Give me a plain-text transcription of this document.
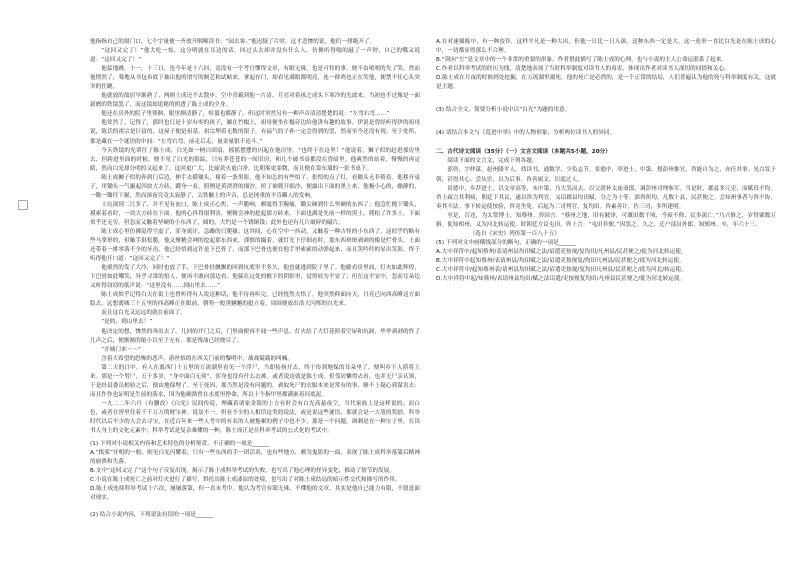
他指指自己的窗门口，七个字量便一齐放开咽喉读书：“园去客。”他迟疑了片时，这才悲惨的说，他们一排跑开了。

“这回又完了！”他大吃一惊，这分明就在耳边的话，回过头去却并没有什么人，仿佛听得嗡的敲了一声钟，自己的嘴又说道：“这回又完了！”

他猛地跳，十一，十三日，连今年是十六回，竟没有一个考官懂得文章，有眼无珠，也是可怜的事，便不由嘻嘻的失了笑。然而他愤然了，蓦地从书包布底下抽出他的谱写的制艺和试帖来，拿起存门，却看见满眼都明亮，连一群鸡也正在笑他，便禁不住心头突突的狂跳。

他就放的故居早渐熟了，两颊士成还不去散步。空中青霸到他一片清，月亮对着孩之成头下寒冷的光波来，当初也不过像是一面新磨的铁镜罢了，而这镜却诡秘的照透了陈士成的全身。

他还在房外的院子里徘徊，眼里颇清静了，喧嚣也都静了。但这时突然另有一种声音清清楚楚的说：“左弯右弯……”

他耸然了，记得了，那时也只是十岁有零的孩子，躺在竹榻上，祖母便坐在榻旁边给他讲有趣的故事。伊说是曾经听得伊的祖母说，陈氏的祖宗是巨富的，这屋子便是祖基，祖宗埋着无数的银子，有福气的子孙一定会得到的罢，然而至今还没有现。至于处所，那是藏在一个谜语的中间：“左弯右弯，前走后走，量金量银不论斗。”

今天铁镜的光罩住了陈士成，白光如一柄白团扇，摇摇摆摆的闪起在他房里。“也终于在这里！”他说着，狮子似的赶进那房里去，但跨进里面的时候，便不见了白光的影踪，只有莽苍苍的一间旧房，和几个破书桌都没在昏暗里。他爽然的站着，慢慢的再定睛，然而白光却分明的又起来了，这回更广大，比硫黄火更白净，比朝雾更霏微，而且便在靠东墙的一张书桌下。

陈士成狮子似的奔到门后边，伸手去摸锄头，撞着一条黑影。他不知怎的有些怕了，张惶的点了灯，看锄头无非倚着。他移开桌子，用锄头一气掘起四块大方砖，蹲身一看，照例是黄澄澄的细沙，揎了袖爬开细沙，便露出下面的黑土来。他极小心的，幽静的，一锄一锄往下掘，然而深夜究竟太寂静了，尖铁触土的声音，总是钝重的不肯瞒人的发响。

土坑深到二尺多了，并不见有瓮口，陈士成正心焦，一声脆响，颇震得手腕痛，锄尖碰到什么坚硬的东西了；他急忙抛下锄头，摸索着看时，一块大方砖在下面。他的心抖得很利害，聚精会神的挖起那方砖来，下面也满是先前一样的黑土，爬松了许多土，下面似乎还无穷。但忽而又触着坚硬的小东西了，圆的，大约是一个锈铜钱；此外也还有几片破碎的磁片。

陈士成心里仿佛觉得空虚了，浑身流汗，急躁的只爬搔；这其间，心在空中一抖动，又触着一种古怪的小东西了，这似乎约略有些马掌形的，但触手很松脆。他又聚精会神的挖起那东西来，谨慎的撮着，就灯光下仔细看时，那东西斑斑剥剥的像是烂骨头，上面还带着一排零落不全的牙齿。他已经悟到这许是下巴骨了，而那下巴骨也便在他手里索索的动弹起来，而且笑吟吟的显出笑影，终于听得他开口道：“这回又完了！”

他栗然的发了大冷，同时也放了手，下巴骨轻飘飘的回到坑底里不多久，他也就逃到院子里了。他偷看房里面，灯火如此辉煌，下巴骨如此嘲笑，异乎寻常的怕人，便再不敢向那边看。他躲在远处的檐下的阴影里，觉得较为平安了；但在这平安中，忽而耳朵边又听得窃窃的低声说：“这里没有……到山里去……”

陈士成似乎记得白天在街上也曾听得有人说这种话，他不待再听完，已经恍然大悟了。他突然仰面向天，月亮已向西高峰这方面隐去，远想离城三十五里的西高峰正在眼前，朝笏一般黑魆魆的挺立着，周围便放出浩大闪烁的白光来。

而且这白光又远远的就在前面了。

“是的，到山里去！”

他决定的想，惨然的奔出去了。几回的开门之后，门里面便再不闻一些声息。灯火结了大灯花照着空屋和坑洞，毕毕剥剥的炸了几声之后，便渐渐的缩小以至于无有，那是残油已经烧尽了。

“开城门来～～”

含着大希望的恐怖的悲声，游丝似的在西关门前的黎明中，战战兢兢的叫喊。

第二天的日中，有人在离西门十五里的万流湖里看见一个浮尸，当即传扬开去，终于传到地保的耳朵里了，便叫乡下人捞将上来。那是一个男尸，五十多岁，“身中面白无须”，浑身也没有什么衣裤。或者说这就是陈士成。但邻居懒得去看，也并无尸亲认领，于是经县委员相验之后，便由地保埋了。至于死因，那当然是没有问题的，剥取死尸的衣服本来是常有的事，够不上疑心到谋害去：而且仵作也证明是生前的落水，因为他确凿曾在水底里挣命，所以十个指甲里都满嵌着河底泥。

一九二二年六月（有删改）《白光》民间传说，理藏着诸家金银的上方有时会有白光高悬夜空，当代家族上是这样说的；而白色，或者在窖里住着千千万万的财宝神。说法不一。但有不少的人相信这类的说法，或是说这些谜语，那就会是一大笔的奖励。科举时代以后不少的人会去寻宝，在近百年来一些人考中的有名的人被拖累的例子中也不少，那是一个问题。讽刺是在一种宝子里，在读书人身上的文化元素中；科举考试是复杂难懂的一种，陈士成正是在科举考试的公式化的考试中。

(1) 下列对小说相关内容和艺术特色的分析鉴赏，不正确的一项是______

A.“拨雾”开明的一般，则见白光闪耀着，只有一些东西的手一团活着，也有些地方，颇为鬼影的一面，表现了陈士成科举落第后精神的崩溃和失落。

B.文中“这回又完了”这个句子反复出现，揭示了陈士成科举考试的失败，也写出了他心理的怪异变化，推动了情节的发展。

C.小说在陈士成死亡之前对灯火进行了描写，烘托出陈士成凄凉的处境，也写出了对陈士成结局的暗示性交代和描写的作用。

D.陈士成连续科举考试十六次，屡屡落第，但一直未考中。他认为考官有眼无珠，不懂他的文章，其实是他自己能力有限，不愿意面对现实。

(2) 结合小说内容，下列说法有误的一项是______

A.在对速描陈中，有一种狡诈，这样平凡是一种大出，但他一日比一日入深。这种东西一定是大，这一连串一直比白光是在陈士成的心中，一切都显得那么不合理。

B.“剑向”左”是文章中的一个非常的重要的形象，作者借此描写了陈士成的心理，也与小说的主人公命运联系了起来。

C.作者以科举考试的经历为线，清楚地表现了当时科举制度对读书人的毒害，体现出作者对读书人深切的同情和关心。

D.陈士成在月夜的时候到处挖掘，在万流湖里溺死，他的死亡是必然的，是一个正常的结局，人们普遍认为他的死与科举制度有关，这就是主题。

(3) 结合全文，简要分析小说中以“白光”为题的用意。

(4) 请结合本文与《范进中举》中的人物形象，分析两位读书人的异同。

二、古代诗文阅读（35分）（一）文言文阅读（本题共5小题，20分）

阅读下面的文言文，完成下列各题。

郭咨，字仲谋，赵州隆平人。幼读书，通数学，少负志节。景德中，举进士，中第。授彭州推官。咨能自为之，亦任其事。见白发于朝，甚得其心。尝从宦，以为后事。咨善属文，识度过人。

景德中，乡荐进士，以文章高等，未中第，乃大笑而去。以父荫补太庙斋郎，调彭州司理参军。当是时，郡县多冗吏，而赋役不均。咨上疏言其利病，朝廷下其议，遂以咨为判官。又诏郡县均田赋，分之为十等。郭咨所均，凡数十县，民甚便之。会知州事者与咨不协，奏其不法。事下转运使按验，咨竟坐免。后起为三司判官，复均田。咨素善计，佐三司，多所建明。

至是，召还，为太常博士，知蔡州。咨因言：“蔡州之地，旧有陂泽，可溉田数千顷，今废不修，民多流亡。”乃兴修之，岁得粟数万斛。徙知相州，又为河北转运使。时朝廷方议屯田，咨上言：“屯田非便。”因罢之。久之，迁户部员外郎，知郓州。卒，年六十三。

（选自《宋史》列传第一百八十五）

(5) 下列对文中画横线部分的断句，正确的一项是______

A.大中祥符中/起知蔡州/表请州县均田赋之法/诏遣吏按视/复均田/凡州县/民甚便之/徙为河北转运使。

B.大中祥符中起知蔡州/表请州县/均田赋之法/诏遣吏按视复/均田凡州县/民甚便之/徙为河北转运使。

C.大中祥符中/起知蔡州表/请州县均田赋之法/诏遣吏按视/复均田凡州县/民甚便之/徙为河北/转运使。

D.大中祥符中起/知蔡州/表请州县均田/赋之法诏遣/吏按视复均田/凡州县民甚便之/徙为河北转运使。
